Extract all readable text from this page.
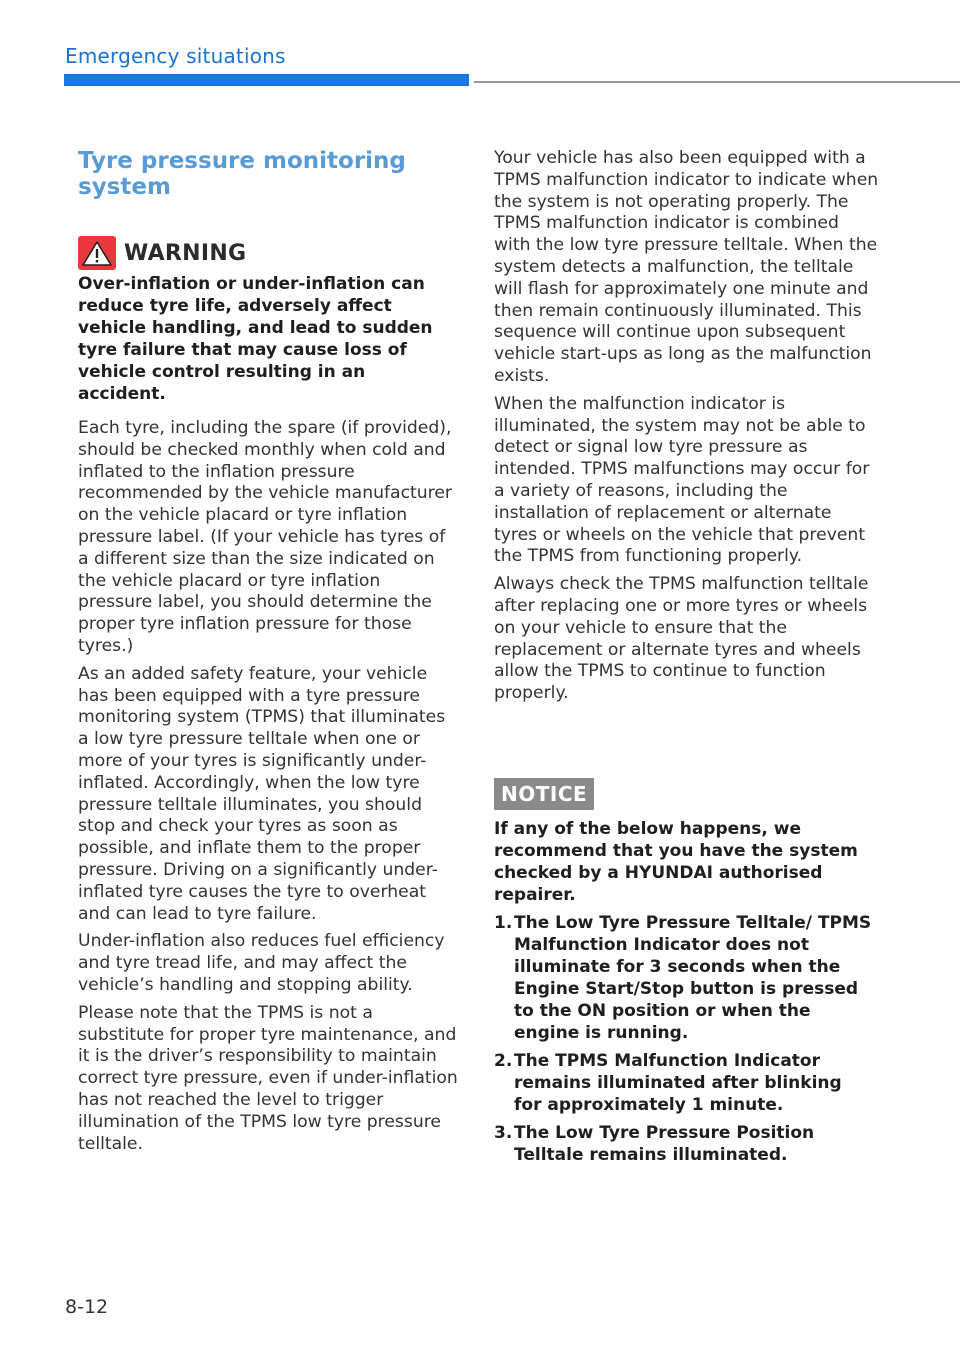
Emergency situations
Tyre pressure monitoring system
WARNING
Over-inflation or under-inflation can reduce tyre life, adversely affect vehicle handling, and lead to sudden tyre failure that may cause loss of vehicle control resulting in an accident.

Each tyre, including the spare (if provided), should be checked monthly when cold and inflated to the inflation pressure recommended by the vehicle manufacturer on the vehicle placard or tyre inflation pressure label. (If your vehicle has tyres of a different size than the size indicated on the vehicle placard or tyre inflation pressure label, you should determine the proper tyre inflation pressure for those tyres.)

As an added safety feature, your vehicle has been equipped with a tyre pressure monitoring system (TPMS) that illuminates a low tyre pressure telltale when one or more of your tyres is significantly under-inflated. Accordingly, when the low tyre pressure telltale illuminates, you should stop and check your tyres as soon as possible, and inflate them to the proper pressure. Driving on a significantly under-inflated tyre causes the tyre to overheat and can lead to tyre failure.

Under-inflation also reduces fuel efficiency and tyre tread life, and may affect the vehicle’s handling and stopping ability.

Please note that the TPMS is not a substitute for proper tyre maintenance, and it is the driver’s responsibility to maintain correct tyre pressure, even if under-inflation has not reached the level to trigger illumination of the TPMS low tyre pressure telltale.

Your vehicle has also been equipped with a TPMS malfunction indicator to indicate when the system is not operating properly. The TPMS malfunction indicator is combined with the low tyre pressure telltale. When the system detects a malfunction, the telltale will flash for approximately one minute and then remain continuously illuminated. This sequence will continue upon subsequent vehicle start-ups as long as the malfunction exists.

When the malfunction indicator is illuminated, the system may not be able to detect or signal low tyre pressure as intended. TPMS malfunctions may occur for a variety of reasons, including the installation of replacement or alternate tyres or wheels on the vehicle that prevent the TPMS from functioning properly.

Always check the TPMS malfunction telltale after replacing one or more tyres or wheels on your vehicle to ensure that the replacement or alternate tyres and wheels allow the TPMS to continue to function properly.

NOTICE

If any of the below happens, we recommend that you have the system checked by a HYUNDAI authorised repairer.

1. The Low Tyre Pressure Telltale/ TPMS Malfunction Indicator does not illuminate for 3 seconds when the Engine Start/Stop button is pressed to the ON position or when the engine is running.
2. The TPMS Malfunction Indicator remains illuminated after blinking for approximately 1 minute.
3. The Low Tyre Pressure Position Telltale remains illuminated.
8-12
